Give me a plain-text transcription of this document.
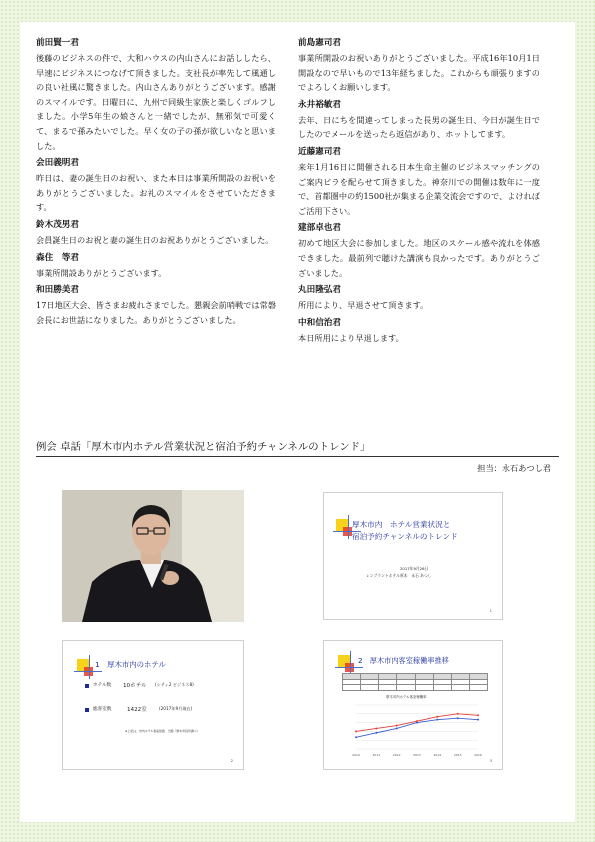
前田賢一君
後藤のビジネスの件で、大和ハウスの内山さんにお話ししたら、早速にビジネスにつなげて頂きました。支社長が率先して風通しの良い社風に驚きました。内山さんありがとうございます。感謝のスマイルです。日曜日に、九州で同級生家族と楽しくゴルフしました。小学5年生の娘さんと一緒でしたが、無邪気で可愛くて、まるで孫みたいでした。早く女の子の孫が欲しいなと思いました。
会田義明君
昨日は、妻の誕生日のお祝い、また本日は事業所開設のお祝いをありがとうございました。お礼のスマイルをさせていただきます。
鈴木茂男君
会員誕生日のお祝と妻の誕生日のお祝ありがとうございました。
森住　等君
事業所開設ありがとうございます。
和田勝美君
17日地区大会、皆さまお疲れさまでした。懇親会前哨戦では常磐会長にお世話になりました。ありがとうございました。
前島憲司君
事業所開設のお祝いありがとうございました。平成16年10月1日開設なので早いもので13年経ちました。これからも頑張りますのでよろしくお願いします。
永井裕敏君
去年、日にちを間違ってしまった長男の誕生日、今日が誕生日でしたのでメールを送ったら返信があり、ホットしてます。
近藤憲司君
来年1月16日に開催される日本生命主催のビジネスマッチングのご案内ビラを配らせて頂きました。神奈川での開催は数年に一度で、首都圏中の約1500社が集まる企業交流会ですので、よければご活用下さい。
建部卓也君
初めて地区大会に参加しました。地区のスケール感や流れを体感できました。最前列で聴けた講演も良かったです。ありがとうございました。
丸田隆弘君
所用により、早退させて頂きます。
中和信治君
本日所用により早退します。
例会 卓話「厚木市内ホテル営業状況と宿泊予約チャンネルのトレンド」
担当：永石あつし君
厚木市内　ホテル営業状況と
宿泊予約チャンネルのトレンド
2017年9月26日
レンブラントホテル厚木　永石 あつし
1
1　厚木市内のホテル
ホテル数 10ホテル (シティ2 ビジネス8)
総客室数	1422室	(2017年9月現在)
※上記は、市内ホテル客室総数　当館（厚木市役所調べ）
2
2　厚木市内客室稼働率推移

厚木市内ホテル客室稼働率
2010	2011	2012	2013	2014	2015	2016
3
